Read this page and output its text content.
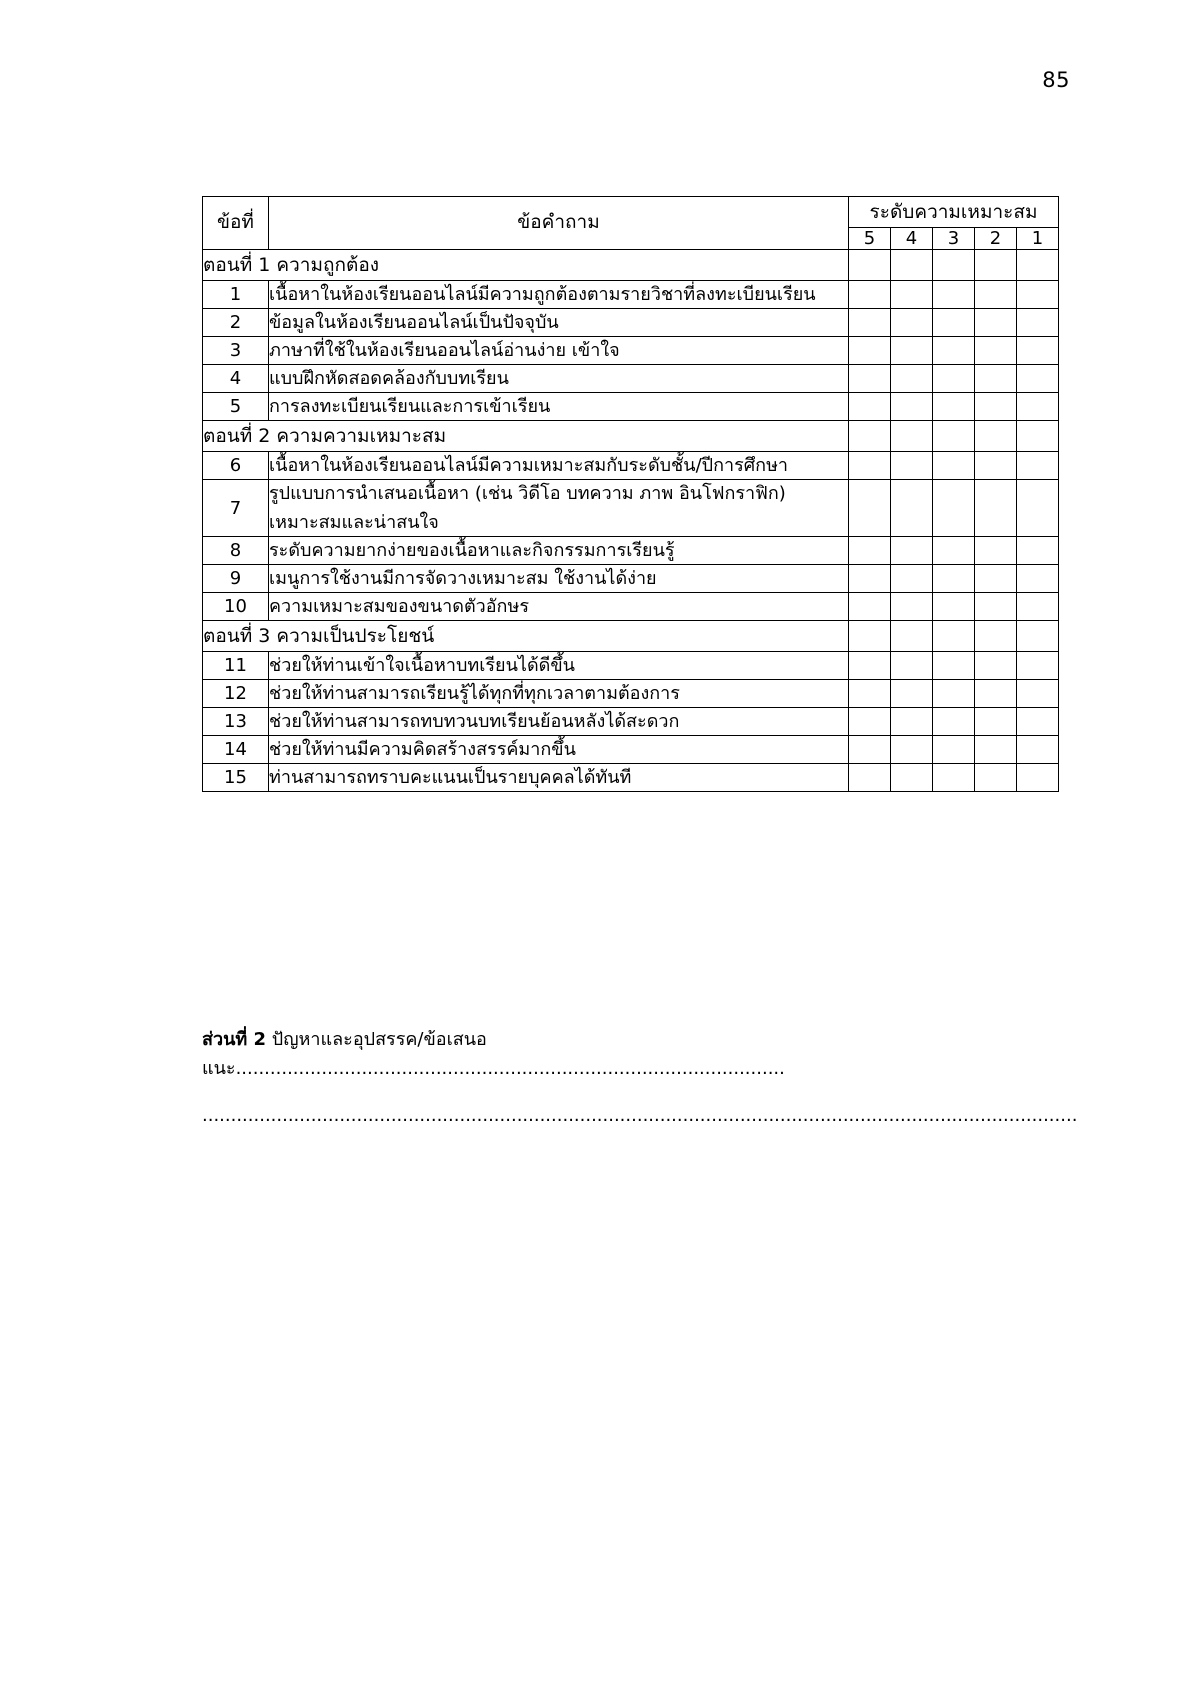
85
ข้อที่	ข้อคำถาม	ระดับความเหมาะสม				
		5	4	3	2	1
ตอนที่ 1 ความถูกต้อง						
1	เนื้อหาในห้องเรียนออนไลน์มีความถูกต้องตามรายวิชาที่ลงทะเบียนเรียน					
2	ข้อมูลในห้องเรียนออนไลน์เป็นปัจจุบัน					
3	ภาษาที่ใช้ในห้องเรียนออนไลน์อ่านง่าย เข้าใจ					
4	แบบฝึกหัดสอดคล้องกับบทเรียน					
5	การลงทะเบียนเรียนและการเข้าเรียน					
ตอนที่ 2 ความความเหมาะสม						
6	เนื้อหาในห้องเรียนออนไลน์มีความเหมาะสมกับระดับชั้น/ปีการศึกษา					
7	รูปแบบการนำเสนอเนื้อหา (เช่น วิดีโอ บทความ ภาพ อินโฟกราฟิก)
เหมาะสมและน่าสนใจ					

8	ระดับความยากง่ายของเนื้อหาและกิจกรรมการเรียนรู้					
9	เมนูการใช้งานมีการจัดวางเหมาะสม ใช้งานได้ง่าย					
10	ความเหมาะสมของขนาดตัวอักษร					
ตอนที่ 3 ความเป็นประโยชน์						
11	ช่วยให้ท่านเข้าใจเนื้อหาบทเรียนได้ดีขึ้น					
12	ช่วยให้ท่านสามารถเรียนรู้ได้ทุกที่ทุกเวลาตามต้องการ					
13	ช่วยให้ท่านสามารถทบทวนบทเรียนย้อนหลังได้สะดวก					
14	ช่วยให้ท่านมีความคิดสร้างสรรค์มากขึ้น					
15	ท่านสามารถทราบคะแนนเป็นรายบุคคลได้ทันที					
ส่วนที่ 2 ปัญหาและอุปสรรค/ข้อเสนอแนะ................................................................................................
.........................................................................................................................................................
